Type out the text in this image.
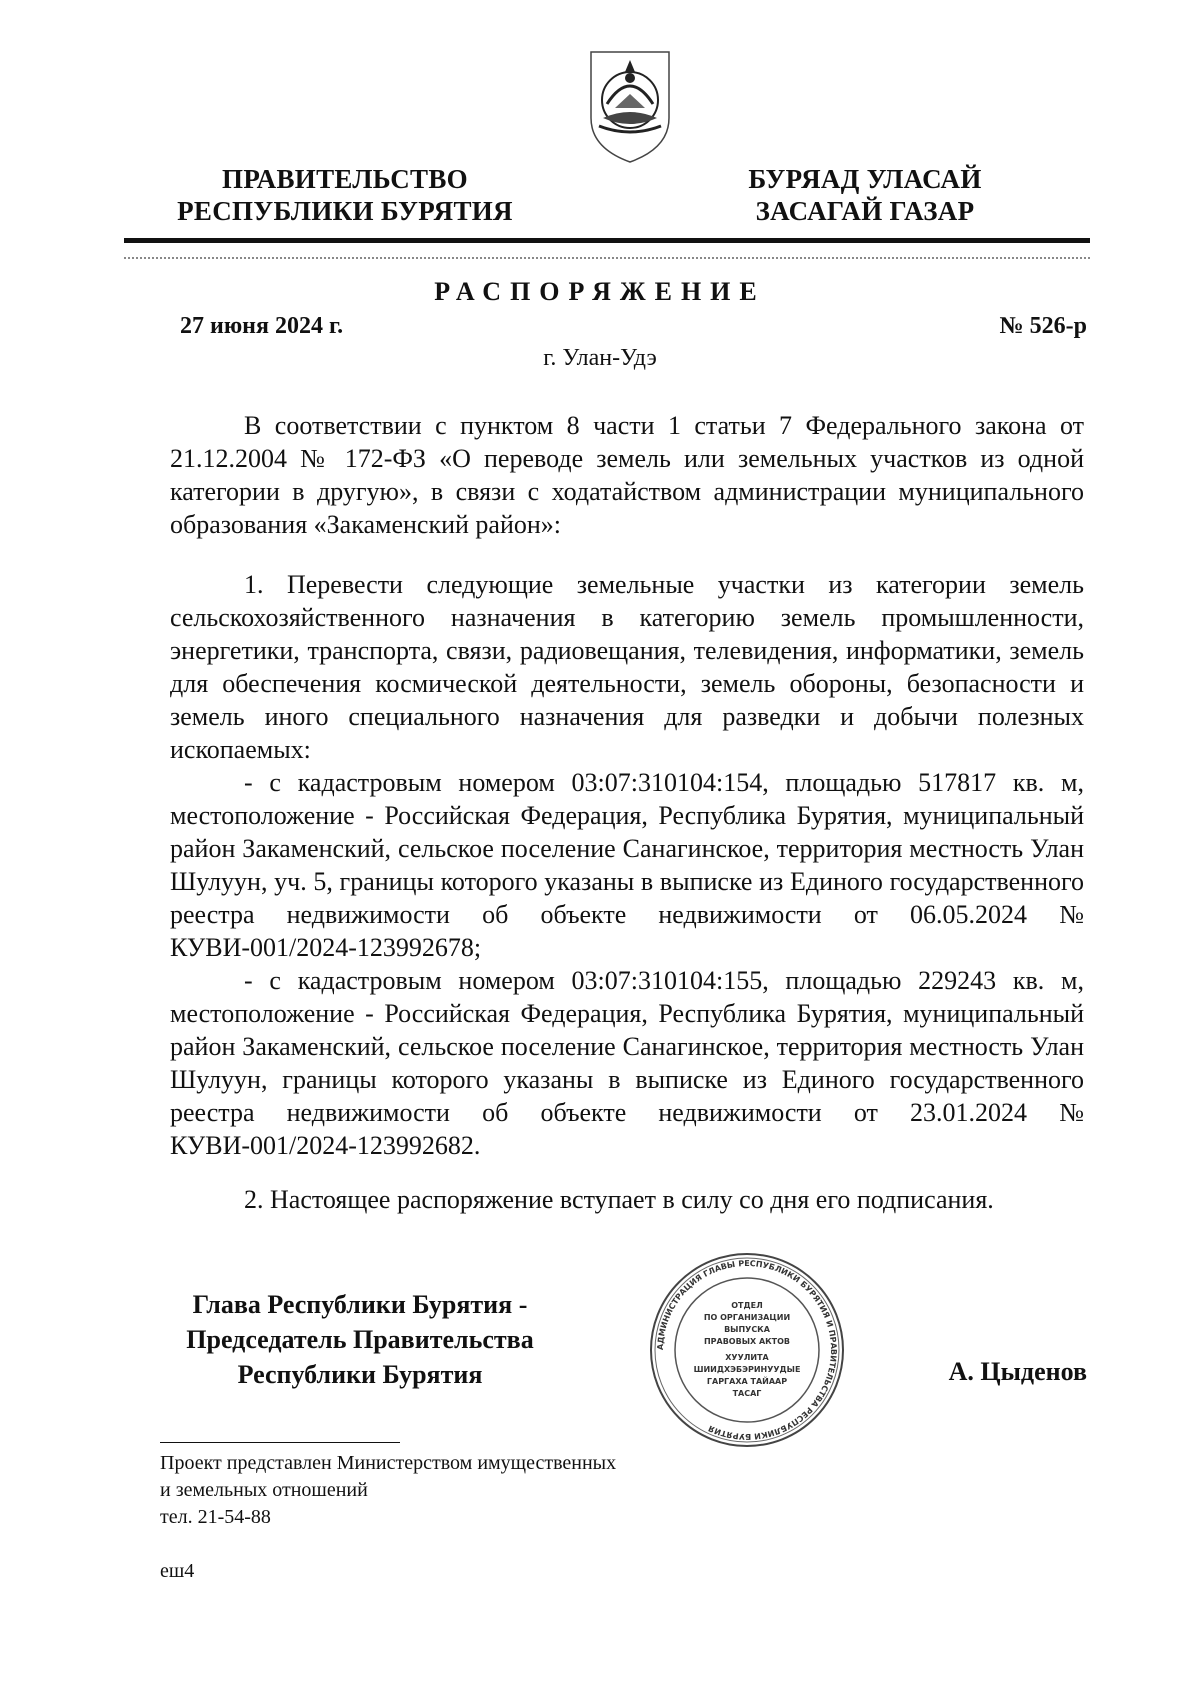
ПРАВИТЕЛЬСТВО
РЕСПУБЛИКИ БУРЯТИЯ
БУРЯАД УЛАСАЙ
ЗАСАГАЙ ГАЗАР
РАСПОРЯЖЕНИЕ
27 июня 2024 г.	№ 526-р
г. Улан-Удэ

В соответствии с пунктом 8 части 1 статьи 7 Федерального закона от 21.12.2004 № 172-ФЗ «О переводе земель или земельных участков из одной категории в другую», в связи с ходатайством администрации муниципального образования «Закаменский район»:

1. Перевести следующие земельные участки из категории земель сельскохозяйственного назначения в категорию земель промышленности, энергетики, транспорта, связи, радиовещания, телевидения, информатики, земель для обеспечения космической деятельности, земель обороны, безопасности и земель иного специального назначения для разведки и добычи полезных ископаемых:

- с кадастровым номером 03:07:310104:154, площадью 517817 кв. м, местоположение - Российская Федерация, Республика Бурятия, муниципальный район Закаменский, сельское поселение Санагинское, территория местность Улан Шулуун, уч. 5, границы которого указаны в выписке из Единого государственного реестра недвижимости об объекте недвижимости от 06.05.2024 № КУВИ-001/2024-123992678;

- с кадастровым номером 03:07:310104:155, площадью 229243 кв. м, местоположение - Российская Федерация, Республика Бурятия, муниципальный район Закаменский, сельское поселение Санагинское, территория местность Улан Шулуун, границы которого указаны в выписке из Единого государственного реестра недвижимости об объекте недвижимости от 23.01.2024 № КУВИ-001/2024-123992682.

2. Настоящее распоряжение вступает в силу со дня его подписания.
Глава Республики Бурятия -
Председатель Правительства
Республики Бурятия
АДМИНИСТРАЦИЯ ГЛАВЫ РЕСПУБЛИКИ БУРЯТИЯ И ПРАВИТЕЛЬСТВА РЕСПУБЛИКИ БУРЯТИЯ
ОТДЕЛ
ПО ОРГАНИЗАЦИИ
ВЫПУСКА
ПРАВОВЫХ АКТОВ
ХУУЛИТА
ШИИДХЭБЭРИНУУДЫЕ
ГАРГАХА ТАЙААР
ТАСАГ
А. Цыденов
Проект представлен Министерством имущественных
и земельных отношений
тел. 21-54-88
еш4
